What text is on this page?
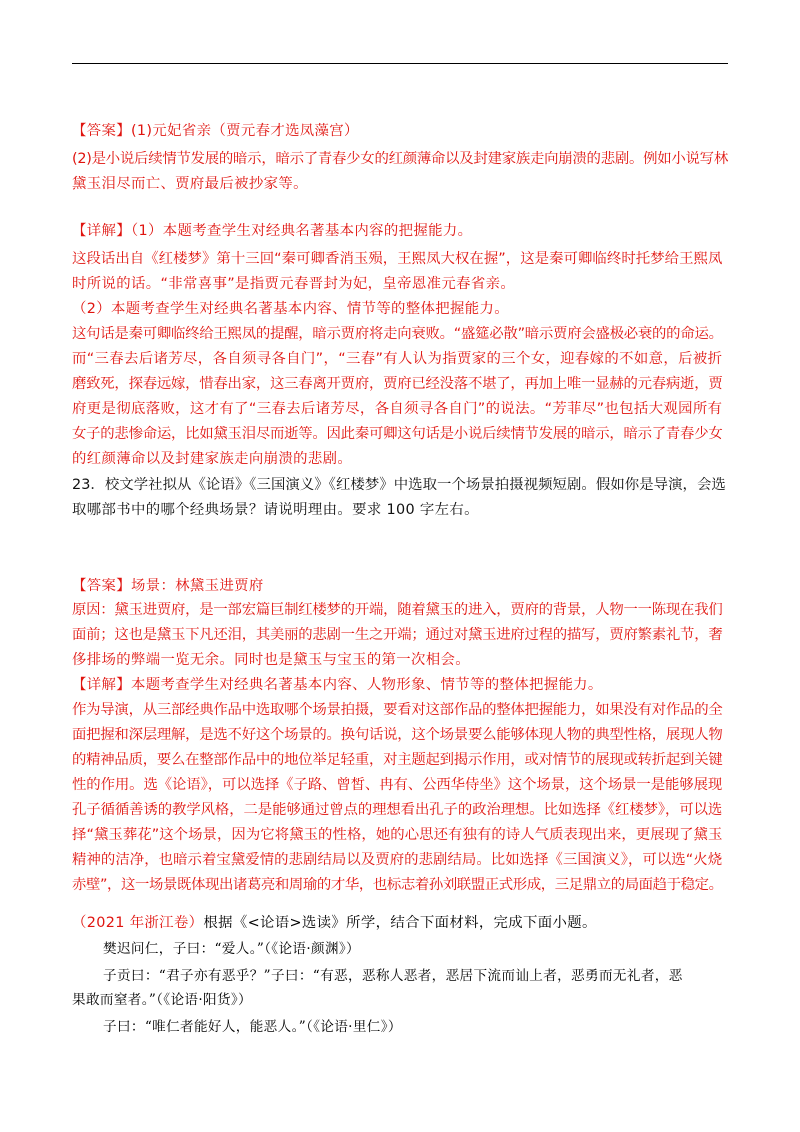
【答案】(1)元妃省亲（贾元春才选凤藻宫）
(2)是小说后续情节发展的暗示，暗示了青春少女的红颜薄命以及封建家族走向崩溃的悲剧。例如小说写林
黛玉泪尽而亡、贾府最后被抄家等。
【详解】（1）本题考查学生对经典名著基本内容的把握能力。
这段话出自《红楼梦》第十三回“秦可卿香消玉殒，王熙凤大权在握”，这是秦可卿临终时托梦给王熙凤
时所说的话。“非常喜事”是指贾元春晋封为妃，皇帝恩准元春省亲。
（2）本题考查学生对经典名著基本内容、情节等的整体把握能力。
这句话是秦可卿临终给王熙凤的提醒，暗示贾府将走向衰败。“盛筵必散”暗示贾府会盛极必衰的的命运。
而“三春去后诸芳尽，各自须寻各自门”，“三春”有人认为指贾家的三个女，迎春嫁的不如意，后被折
磨致死，探春远嫁，惜春出家，这三春离开贾府，贾府已经没落不堪了，再加上唯一显赫的元春病逝，贾
府更是彻底落败，这才有了“三春去后诸芳尽，各自须寻各自门”的说法。“芳菲尽”也包括大观园所有
女子的悲惨命运，比如黛玉泪尽而逝等。因此秦可卿这句话是小说后续情节发展的暗示，暗示了青春少女
的红颜薄命以及封建家族走向崩溃的悲剧。
23．校文学社拟从《论语》《三国演义》《红楼梦》中选取一个场景拍摄视频短剧。假如你是导演，会选
取哪部书中的哪个经典场景？请说明理由。要求 100 字左右。
【答案】场景：林黛玉进贾府
原因：黛玉进贾府，是一部宏篇巨制红楼梦的开端，随着黛玉的进入，贾府的背景，人物一一陈现在我们
面前；这也是黛玉下凡还泪，其美丽的悲剧一生之开端；通过对黛玉进府过程的描写，贾府繁素礼节，奢
侈排场的弊端一览无余。同时也是黛玉与宝玉的第一次相会。
【详解】本题考查学生对经典名著基本内容、人物形象、情节等的整体把握能力。
作为导演，从三部经典作品中选取哪个场景拍摄，要看对这部作品的整体把握能力，如果没有对作品的全
面把握和深层理解，是选不好这个场景的。换句话说，这个场景要么能够体现人物的典型性格，展现人物
的精神品质，要么在整部作品中的地位举足轻重，对主题起到揭示作用，或对情节的展现或转折起到关键
性的作用。选《论语》，可以选择《子路、曾皙、冉有、公西华侍坐》这个场景，这个场景一是能够展现
孔子循循善诱的教学风格，二是能够通过曾点的理想看出孔子的政治理想。比如选择《红楼梦》，可以选
择“黛玉葬花”这个场景，因为它将黛玉的性格，她的心思还有独有的诗人气质表现出来，更展现了黛玉
精神的洁净，也暗示着宝黛爱情的悲剧结局以及贾府的悲剧结局。比如选择《三国演义》，可以选“火烧
赤壁”，这一场景既体现出诸葛亮和周瑜的才华，也标志着孙刘联盟正式形成，三足鼎立的局面趋于稳定。
（2021 年浙江卷）根据《<论语>选读》所学，结合下面材料，完成下面小题。
樊迟问仁，子曰：“爱人。”（《论语·颜渊》）
子贡曰：“君子亦有恶乎？”子曰：“有恶，恶称人恶者，恶居下流而讪上者，恶勇而无礼者，恶
果敢而窒者。”（《论语·阳货》）
子曰：“唯仁者能好人，能恶人。”（《论语·里仁》）
